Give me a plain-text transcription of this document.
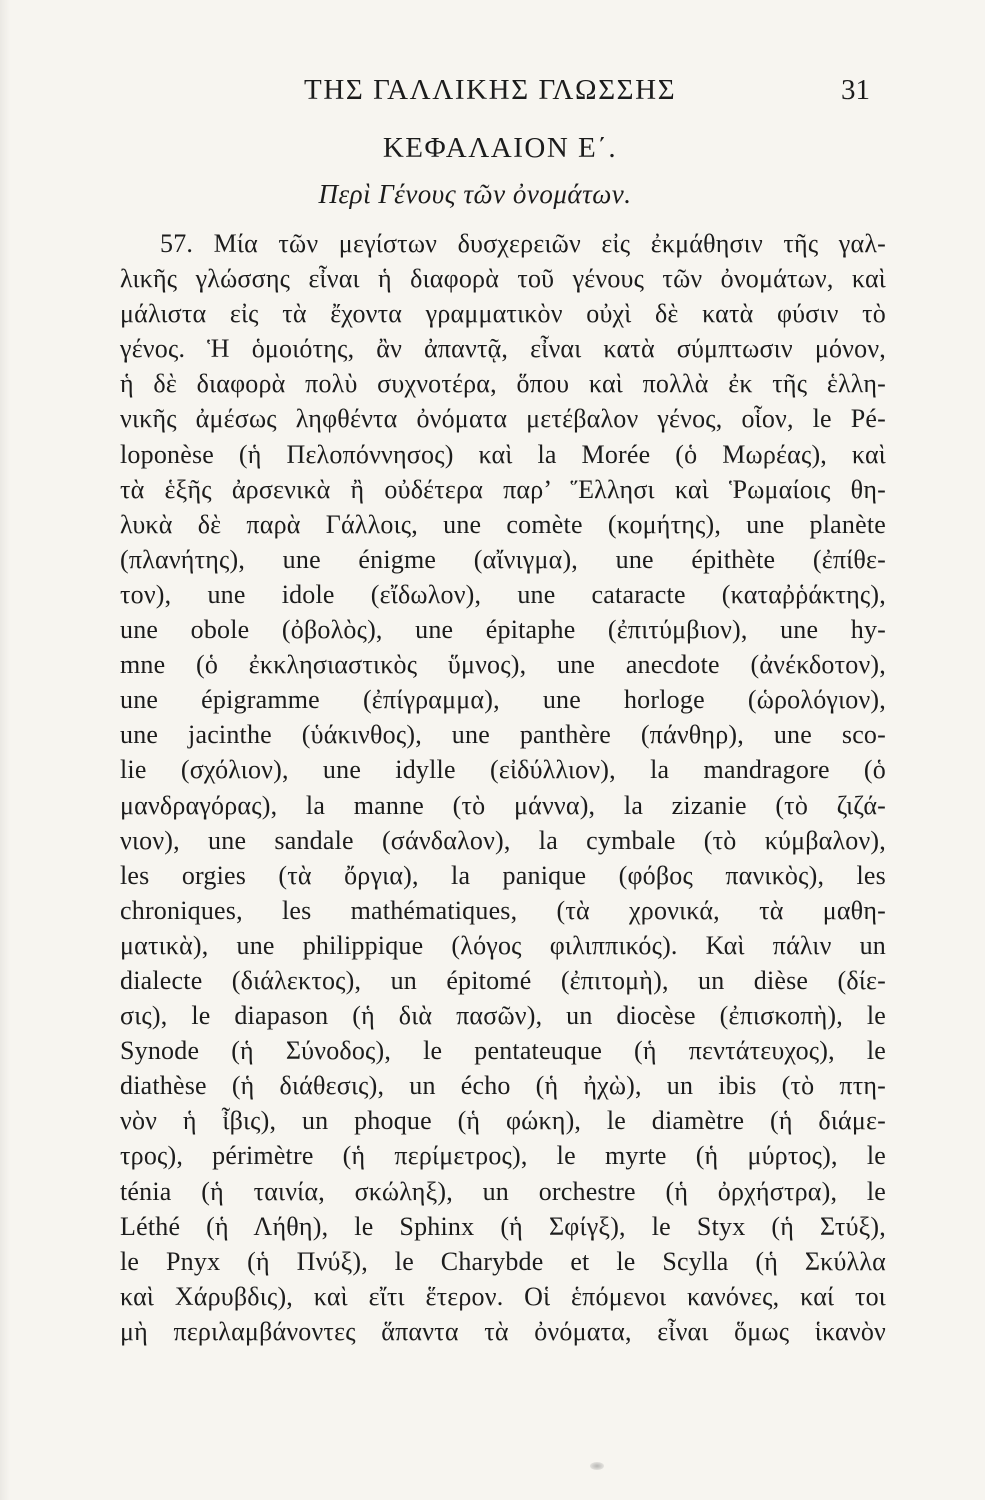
ΤΗΣ ΓΑΛΛΙΚΗΣ ΓΛΩΣΣΗΣ	31
ΚΕΦΑΛΑΙΟΝ Ε΄.
Περὶ Γένους τῶν ὀνομάτων.
57. Μία τῶν μεγίστων δυσχερειῶν εἰς ἐκμάθησιν τῆς γαλ-
λικῆς γλώσσης εἶναι ἡ διαφορὰ τοῦ γένους τῶν ὀνομάτων, καὶ
μάλιστα εἰς τὰ ἔχοντα γραμματικὸν οὐχὶ δὲ κατὰ φύσιν τὸ
γένος. Ἡ ὁμοιότης, ἂν ἀπαντᾷ, εἶναι κατὰ σύμπτωσιν μόνον,
ἡ δὲ διαφορὰ πολὺ συχνοτέρα, ὅπου καὶ πολλὰ ἐκ τῆς ἑλλη-
νικῆς ἀμέσως ληφθέντα ὀνόματα μετέβαλον γένος, οἷον, le Pé-
loponèse (ἡ Πελοπόννησος) καὶ la Morée (ὁ Μωρέας), καὶ
τὰ ἑξῆς ἀρσενικὰ ἢ οὐδέτερα παρ’ Ἕλλησι καὶ Ῥωμαίοις θη-
λυκὰ δὲ παρὰ Γάλλοις, une comète (κομήτης), une planète
(πλανήτης), une énigme (αἴνιγμα), une épithète (ἐπίθε-
τον), une idole (εἴδωλον), une cataracte (καταῤῥάκτης),
une obole (ὀβολὸς), une épitaphe (ἐπιτύμβιον), une hy-
mne (ὁ ἐκκλησιαστικὸς ὕμνος), une anecdote (ἀνέκδοτον),
une épigramme (ἐπίγραμμα), une horloge (ὡρολόγιον),
une jacinthe (ὑάκινθος), une panthère (πάνθηρ), une sco-
lie (σχόλιον), une idylle (εἰδύλλιον), la mandragore (ὁ
μανδραγόρας), la manne (τὸ μάννα), la zizanie (τὸ ζιζά-
νιον), une sandale (σάνδαλον), la cymbale (τὸ κύμβαλον),
les orgies (τὰ ὄργια), la panique (φόβος πανικὸς), les
chroniques, les mathématiques, (τὰ χρονικά, τὰ μαθη-
ματικὰ), une philippique (λόγος φιλιππικός). Καὶ πάλιν un
dialecte (διάλεκτος), un épitomé (ἐπιτομὴ), un dièse (δίε-
σις), le diapason (ἡ διὰ πασῶν), un diocèse (ἐπισκοπὴ), le
Synode (ἡ Σύνοδος), le pentateuque (ἡ πεντάτευχος), le
diathèse (ἡ διάθεσις), un écho (ἡ ἠχὼ), un ibis (τὸ πτη-
νὸν ἡ ἶβις), un phoque (ἡ φώκη), le diamètre (ἡ διάμε-
τρος), périmètre (ἡ περίμετρος), le myrte (ἡ μύρτος), le
ténia (ἡ ταινία, σκώληξ), un orchestre (ἡ ὀρχήστρα), le
Léthé (ἡ Λήθη), le Sphinx (ἡ Σφίγξ), le Styx (ἡ Στύξ),
le Pnyx (ἡ Πνύξ), le Charybde et le Scylla (ἡ Σκύλλα
καὶ Χάρυβδις), καὶ εἴτι ἕτερον. Οἱ ἑπόμενοι κανόνες, καί τοι
μὴ περιλαμβάνοντες ἅπαντα τὰ ὀνόματα, εἶναι ὅμως ἱκανὸν
